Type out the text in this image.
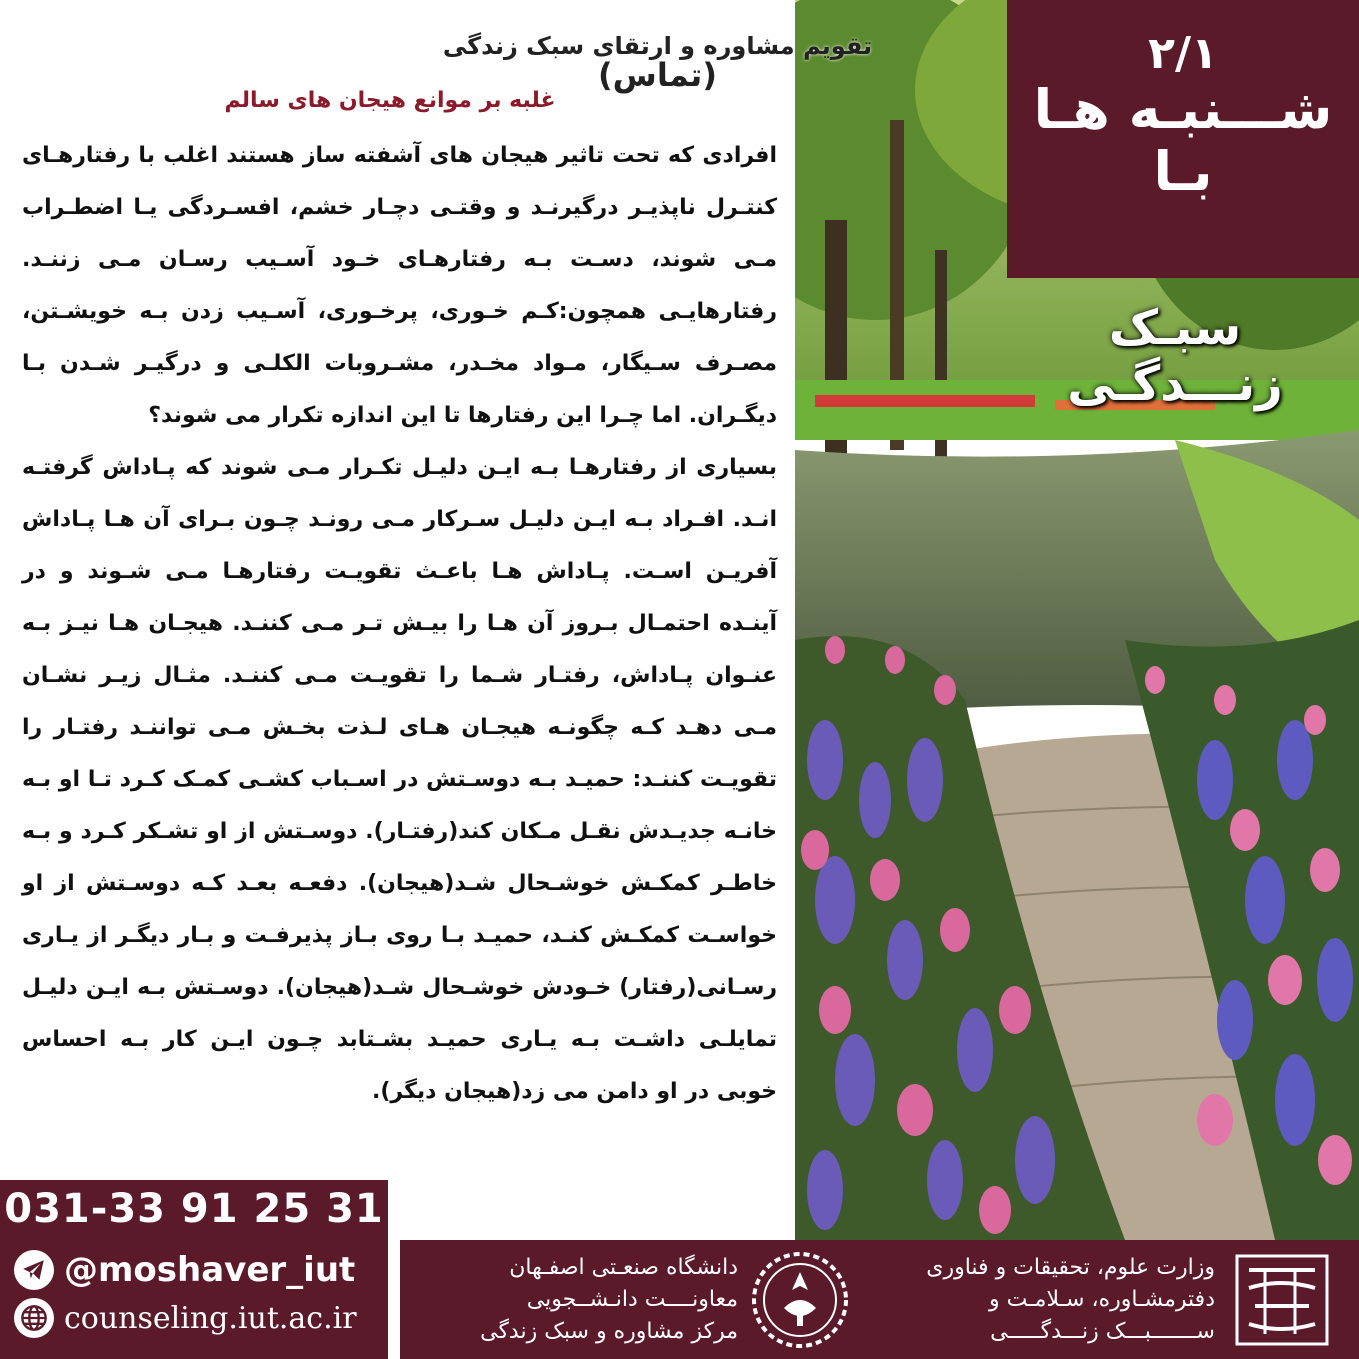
۲/۱
شـــنبـه هـا
بـا
سبـک زنـــدگـی
تقویم مشاوره و ارتقای سبک زندگی
(تماس)
غلبه بر موانع هیجان های سالم

افرادی که تحت تاثیر هیجان های آشفته ساز هستند اغلب با رفتارهـای کنتـرل ناپذیـر درگیرنـد و وقتـی دچـار خشم، افسـردگی یـا اضطـراب مـی شوند، دسـت بـه رفتارهـای خـود آسـیب رسـان مـی زننـد. رفتارهایـی همچون:کـم خـوری، پرخـوری، آسـیب زدن بـه خویشـتن، مصـرف سـیگار، مـواد مخـدر، مشـروبات الکلـی و درگیـر شـدن بـا دیگـران. اما چـرا این رفتارها تا این اندازه تکرار می شوند؟

بسیاری از رفتارهـا بـه ایـن دلیـل تکـرار مـی شوند که پـاداش گرفتـه انـد. افـراد بـه ایـن دلیـل سـرکار مـی رونـد چـون بـرای آن هـا پـاداش آفریـن اسـت. پـاداش هـا باعـث تقویـت رفتارهـا مـی شـوند و در آینـده احتمـال بـروز آن هـا را بیـش تـر مـی کننـد. هیجـان هـا نیـز بـه عنـوان پـاداش، رفتـار شـما را تقویـت مـی کننـد. مثـال زیـر نشـان مـی دهـد کـه چگونـه هیجـان هـای لـذت بخـش مـی تواننـد رفتـار را تقویـت کننـد: حمیـد بـه دوسـتش در اسـباب کشـی کمـک کـرد تـا او بـه خانـه جدیـدش نقـل مـکان کند(رفتـار). دوسـتش از او تشـکر کـرد و بـه خاطـر کمکـش خوشـحال شـد(هیجان). دفعـه بعـد کـه دوسـتش از او خواسـت کمکـش کنـد، حمیـد بـا روی بـاز پذیرفـت و بـار دیگـر از یـاری رسـانی(رفتار) خـودش خوشـحال شـد(هیجان). دوسـتش بـه ایـن دلیـل تمایلـی داشـت بـه یـاری حمیـد بشـتابد چـون ایـن کار بـه احساس خوبی در او دامن می زد(هیجان دیگر).

031-33 91 25 31
@moshaver_iut
counseling.iut.ac.ir
دانشگاه صنعـتی اصفـهان
معاونــــت دانـشــجویی
مرکز مشاوره و سبک زندگی
وزارت علوم، تحقیقات و فناوری
دفترمشـاوره، سـلامـت و
ســـــــبـــک زنـــدگـــــی
